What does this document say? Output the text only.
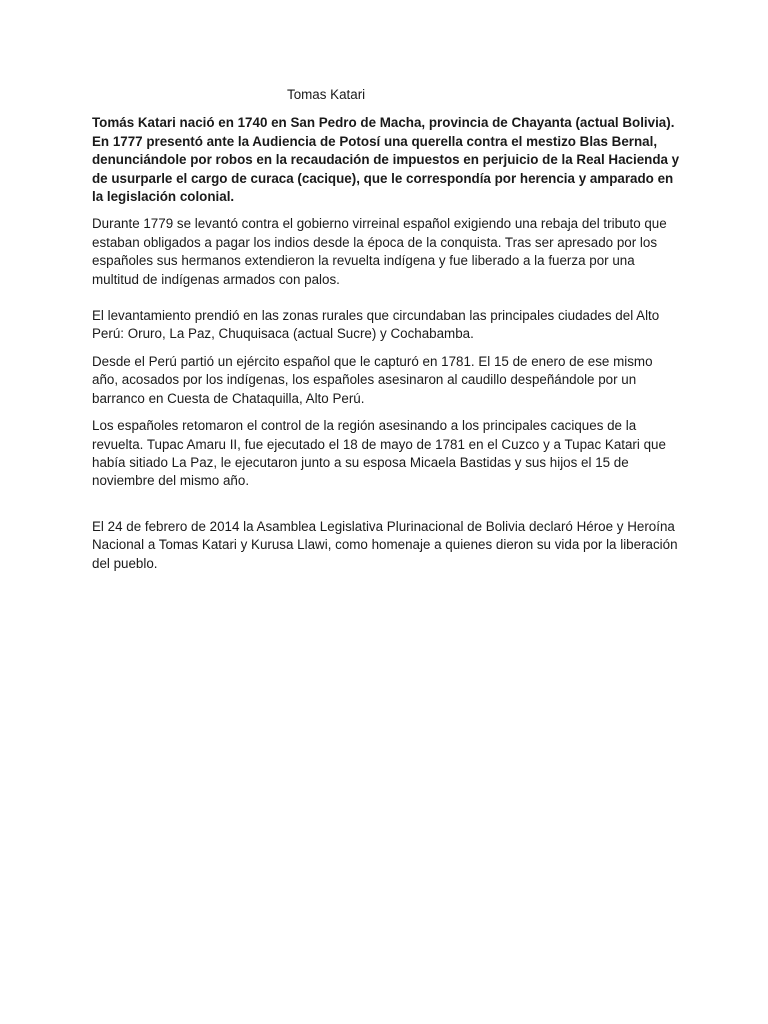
Tomas Katari

Tomás Katari nació en 1740 en San Pedro de Macha, provincia de Chayanta (actual Bolivia).
En 1777 presentó ante la Audiencia de Potosí una querella contra el mestizo Blas Bernal, denunciándole por robos en la recaudación de impuestos en perjuicio de la Real Hacienda y de usurparle el cargo de curaca (cacique), que le correspondía por herencia y amparado en la legislación colonial.

Durante 1779 se levantó contra el gobierno virreinal español exigiendo una rebaja del tributo que estaban obligados a pagar los indios desde la época de la conquista. Tras ser apresado por los españoles sus hermanos extendieron la revuelta indígena y fue liberado a la fuerza por una multitud de indígenas armados con palos.

El levantamiento prendió en las zonas rurales que circundaban las principales ciudades del Alto Perú: Oruro, La Paz, Chuquisaca (actual Sucre) y Cochabamba.

Desde el Perú partió un ejército español que le capturó en 1781. El 15 de enero de ese mismo año, acosados por los indígenas, los españoles asesinaron al caudillo despeñándole por un barranco en Cuesta de Chataquilla, Alto Perú.

Los españoles retomaron el control de la región asesinando a los principales caciques de la revuelta. Tupac Amaru II, fue ejecutado el 18 de mayo de 1781 en el Cuzco y a Tupac Katari que había sitiado La Paz, le ejecutaron junto a su esposa Micaela Bastidas y sus hijos el 15 de noviembre del mismo año.

El 24 de febrero de 2014 la Asamblea Legislativa Plurinacional de Bolivia declaró Héroe y Heroína Nacional a Tomas Katari y Kurusa Llawi, como homenaje a quienes dieron su vida por la liberación del pueblo.
